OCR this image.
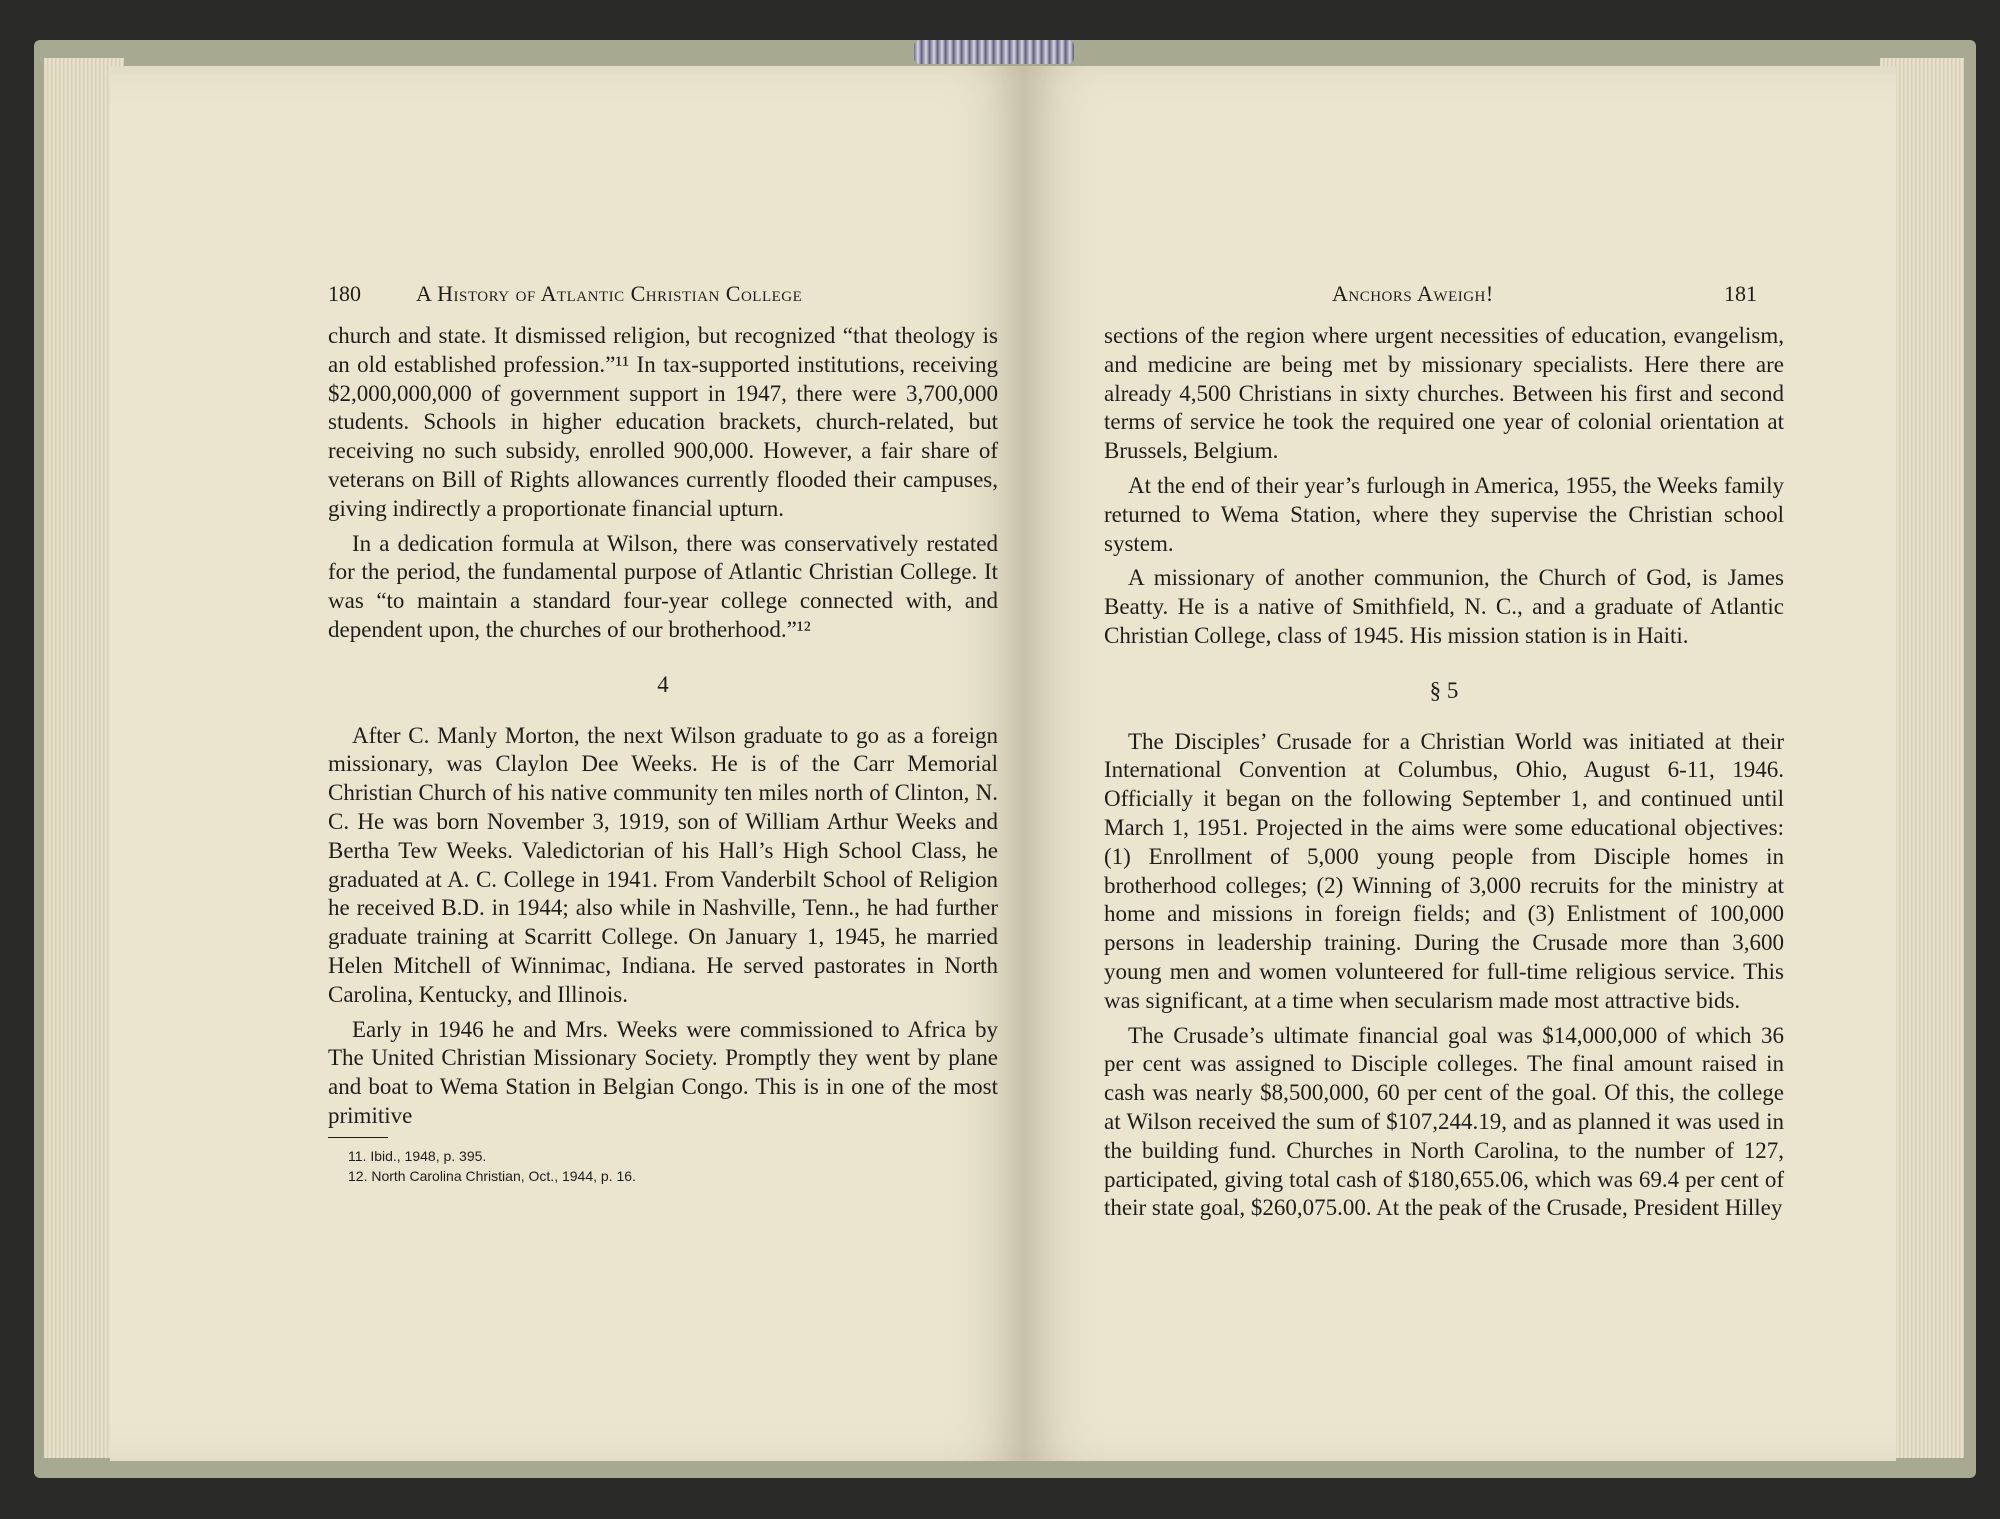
180	A History of Atlantic Christian College

church and state. It dismissed religion, but recognized “that theology is an old established profession.”¹¹ In tax-supported institutions, receiving $2,000,000,000 of government support in 1947, there were 3,700,000 students. Schools in higher education brackets, church-related, but receiving no such subsidy, enrolled 900,000. However, a fair share of veterans on Bill of Rights allowances currently flooded their campuses, giving indirectly a proportionate financial upturn.

In a dedication formula at Wilson, there was conservatively restated for the period, the fundamental purpose of Atlantic Christian College. It was “to maintain a standard four-year college connected with, and dependent upon, the churches of our brotherhood.”¹²

4

After C. Manly Morton, the next Wilson graduate to go as a foreign missionary, was Claylon Dee Weeks. He is of the Carr Memorial Christian Church of his native community ten miles north of Clinton, N. C. He was born November 3, 1919, son of William Arthur Weeks and Bertha Tew Weeks. Valedictorian of his Hall’s High School Class, he graduated at A. C. College in 1941. From Vanderbilt School of Religion he received B.D. in 1944; also while in Nashville, Tenn., he had further graduate training at Scarritt College. On January 1, 1945, he married Helen Mitchell of Winnimac, Indiana. He served pastorates in North Carolina, Kentucky, and Illinois.

Early in 1946 he and Mrs. Weeks were commissioned to Africa by The United Christian Missionary Society. Promptly they went by plane and boat to Wema Station in Belgian Congo. This is in one of the most primitive

11. Ibid., 1948, p. 395.
12. North Carolina Christian, Oct., 1944, p. 16.
Anchors Aweigh!	181

sections of the region where urgent necessities of education, evangelism, and medicine are being met by missionary specialists. Here there are already 4,500 Christians in sixty churches. Between his first and second terms of service he took the required one year of colonial orientation at Brussels, Belgium.

At the end of their year’s furlough in America, 1955, the Weeks family returned to Wema Station, where they supervise the Christian school system.

A missionary of another communion, the Church of God, is James Beatty. He is a native of Smithfield, N. C., and a graduate of Atlantic Christian College, class of 1945. His mission station is in Haiti.

§ 5

The Disciples’ Crusade for a Christian World was initiated at their International Convention at Columbus, Ohio, August 6-11, 1946. Officially it began on the following September 1, and continued until March 1, 1951. Projected in the aims were some educational objectives: (1) Enrollment of 5,000 young people from Disciple homes in brotherhood colleges; (2) Winning of 3,000 recruits for the ministry at home and missions in foreign fields; and (3) Enlistment of 100,000 persons in leadership training. During the Crusade more than 3,600 young men and women volunteered for full-time religious service. This was significant, at a time when secularism made most attractive bids.

The Crusade’s ultimate financial goal was $14,000,000 of which 36 per cent was assigned to Disciple colleges. The final amount raised in cash was nearly $8,500,000, 60 per cent of the goal. Of this, the college at Wilson received the sum of $107,244.19, and as planned it was used in the building fund. Churches in North Carolina, to the number of 127, participated, giving total cash of $180,655.06, which was 69.4 per cent of their state goal, $260,075.00. At the peak of the Crusade, President Hilley
